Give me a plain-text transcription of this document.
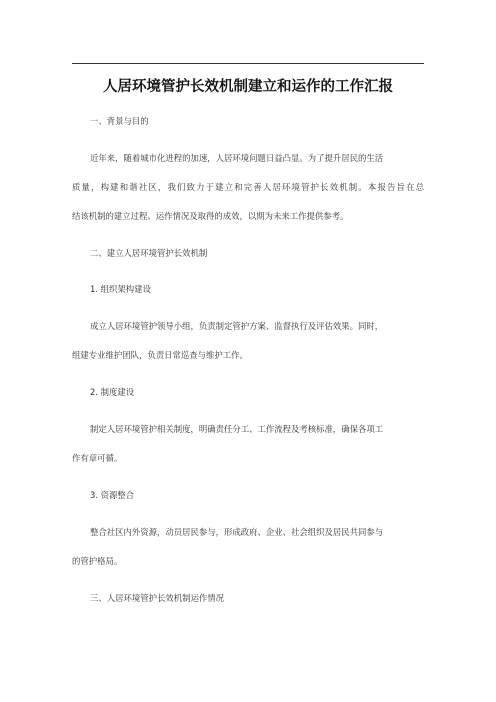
人居环境管护长效机制建立和运作的工作汇报
一、背景与目的
近年来，随着城市化进程的加速，人居环境问题日益凸显。为了提升居民的生活
质量，构建和谐社区，我们致力于建立和完善人居环境管护长效机制。本报告旨在总
结该机制的建立过程、运作情况及取得的成效，以期为未来工作提供参考。
二、建立人居环境管护长效机制
1. 组织架构建设
成立人居环境管护领导小组，负责制定管护方案、监督执行及评估效果。同时，
组建专业维护团队，负责日常巡查与维护工作。
2. 制度建设
制定人居环境管护相关制度，明确责任分工、工作流程及考核标准，确保各项工
作有章可循。
3. 资源整合
整合社区内外资源，动员居民参与，形成政府、企业、社会组织及居民共同参与
的管护格局。
三、人居环境管护长效机制运作情况
